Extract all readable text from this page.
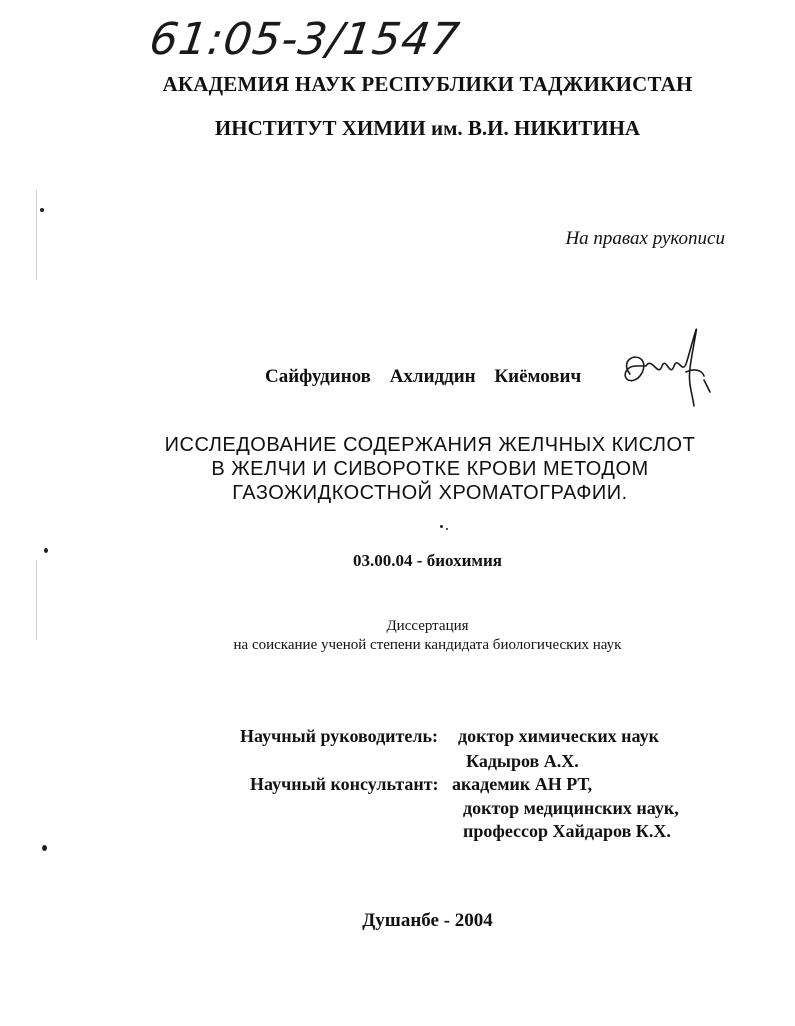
61:05-3/1547
АКАДЕМИЯ НАУК РЕСПУБЛИКИ ТАДЖИКИСТАН
ИНСТИТУТ ХИМИИ им. В.И. НИКИТИНА
На правах рукописи
Сайфудинов Ахлиддин Киёмович
ИССЛЕДОВАНИЕ СОДЕРЖАНИЯ ЖЕЛЧНЫХ КИСЛОТ
В ЖЕЛЧИ И СИВОРОТКЕ КРОВИ МЕТОДОМ
ГАЗОЖИДКОСТНОЙ ХРОМАТОГРАФИИ.
03.00.04 - биохимия
Диссертация
на соискание ученой степени кандидата биологических наук
Научный руководитель: доктор химических наук
Кадыров А.Х.
Научный консультант: академик АН РТ,
доктор медицинских наук,
профессор Хайдаров К.Х.
Душанбе - 2004
